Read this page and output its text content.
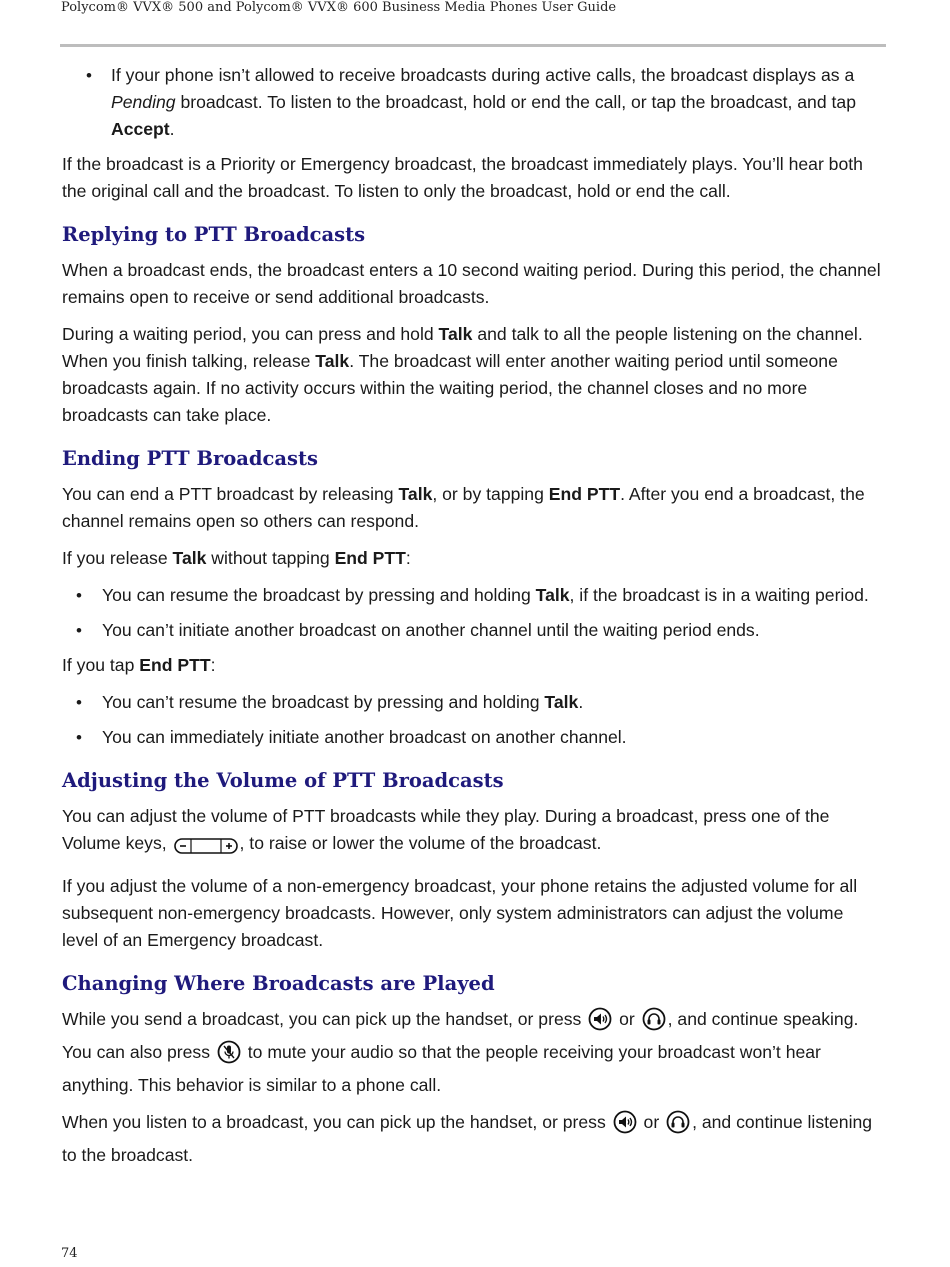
Polycom® VVX® 500 and Polycom® VVX® 600 Business Media Phones User Guide
• If your phone isn’t allowed to receive broadcasts during active calls, the broadcast displays as a Pending broadcast. To listen to the broadcast, hold or end the call, or tap the broadcast, and tap Accept.

If the broadcast is a Priority or Emergency broadcast, the broadcast immediately plays. You’ll hear both the original call and the broadcast. To listen to only the broadcast, hold or end the call.

Replying to PTT Broadcasts

When a broadcast ends, the broadcast enters a 10 second waiting period. During this period, the channel remains open to receive or send additional broadcasts.

During a waiting period, you can press and hold Talk and talk to all the people listening on the channel. When you finish talking, release Talk. The broadcast will enter another waiting period until someone broadcasts again. If no activity occurs within the waiting period, the channel closes and no more broadcasts can take place.

Ending PTT Broadcasts

You can end a PTT broadcast by releasing Talk, or by tapping End PTT. After you end a broadcast, the channel remains open so others can respond.

If you release Talk without tapping End PTT:

• You can resume the broadcast by pressing and holding Talk, if the broadcast is in a waiting period.
• You can’t initiate another broadcast on another channel until the waiting period ends.

If you tap End PTT:

• You can’t resume the broadcast by pressing and holding Talk.
• You can immediately initiate another broadcast on another channel.
Adjusting the Volume of PTT Broadcasts

You can adjust the volume of PTT broadcasts while they play. During a broadcast, press one of the Volume keys,	, to raise or lower the volume of the broadcast.

If you adjust the volume of a non-emergency broadcast, your phone retains the adjusted volume for all subsequent non-emergency broadcasts. However, only system administrators can adjust the volume level of an Emergency broadcast.

Changing Where Broadcasts are Played

While you send a broadcast, you can pick up the handset, or press  or , and continue speaking. You can also press  to mute your audio so that the people receiving your broadcast won’t hear anything. This behavior is similar to a phone call.

When you listen to a broadcast, you can pick up the handset, or press  or , and continue listening to the broadcast.

74
